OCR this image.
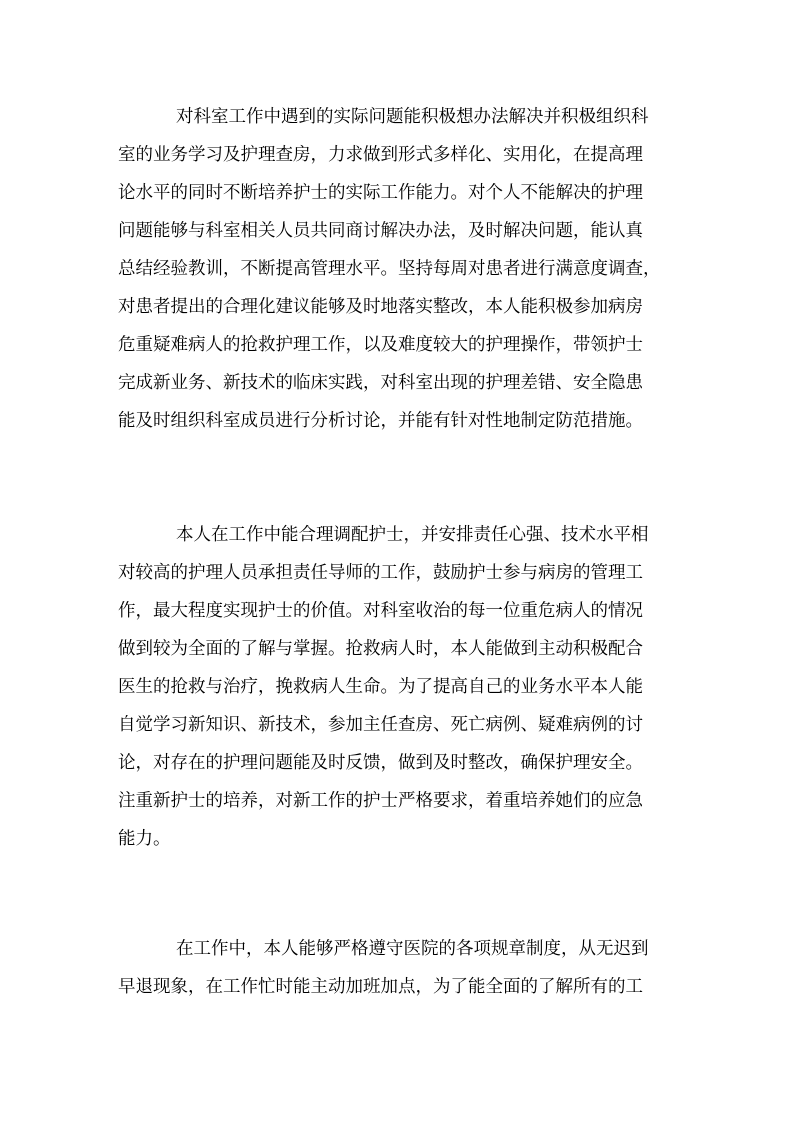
对科室工作中遇到的实际问题能积极想办法解决并积极组织科
室的业务学习及护理查房，力求做到形式多样化、实用化，在提高理
论水平的同时不断培养护士的实际工作能力。对个人不能解决的护理
问题能够与科室相关人员共同商讨解决办法，及时解决问题，能认真
总结经验教训，不断提高管理水平。坚持每周对患者进行满意度调查，
对患者提出的合理化建议能够及时地落实整改，本人能积极参加病房
危重疑难病人的抢救护理工作，以及难度较大的护理操作，带领护士
完成新业务、新技术的临床实践，对科室出现的护理差错、安全隐患
能及时组织科室成员进行分析讨论，并能有针对性地制定防范措施。
本人在工作中能合理调配护士，并安排责任心强、技术水平相
对较高的护理人员承担责任导师的工作，鼓励护士参与病房的管理工
作，最大程度实现护士的价值。对科室收治的每一位重危病人的情况
做到较为全面的了解与掌握。抢救病人时，本人能做到主动积极配合
医生的抢救与治疗，挽救病人生命。为了提高自己的业务水平本人能
自觉学习新知识、新技术，参加主任查房、死亡病例、疑难病例的讨
论，对存在的护理问题能及时反馈，做到及时整改，确保护理安全。
注重新护士的培养，对新工作的护士严格要求，着重培养她们的应急
能力。
在工作中，本人能够严格遵守医院的各项规章制度，从无迟到
早退现象，在工作忙时能主动加班加点，为了能全面的了解所有的工
